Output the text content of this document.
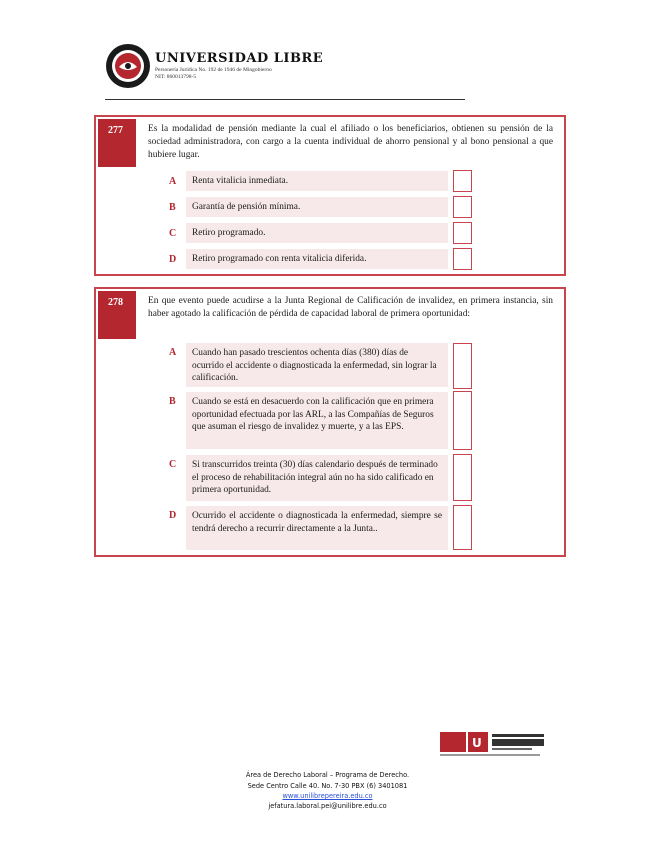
UNIVERSIDAD LIBRE
Personería Jurídica No. 192 de 1946 de Mingobierno
NIT: 860013798-5
277	Es la modalidad de pensión mediante la cual el afiliado o los beneficiarios, obtienen su pensión de la sociedad administradora, con cargo a la cuenta individual de ahorro pensional y al bono pensional a que hubiere lugar.
A	Renta vitalicia inmediata.
B	Garantía de pensión mínima.
C	Retiro programado.
D	Retiro programado con renta vitalicia diferida.
278	En que evento puede acudirse a la Junta Regional de Calificación de invalidez, en primera instancia, sin haber agotado la calificación de pérdida de capacidad laboral de primera oportunidad:
A	Cuando han pasado trescientos ochenta días (380) días de ocurrido el accidente o diagnosticada la enfermedad, sin lograr la calificación.
B	Cuando se está en desacuerdo con la calificación que en primera oportunidad efectuada por las ARL, a las Compañías de Seguros que asuman el riesgo de invalidez y muerte, y a las EPS.
C	Si transcurridos treinta (30) días calendario después de terminado el proceso de rehabilitación integral aún no ha sido calificado en primera oportunidad.
D	Ocurrido el accidente o diagnosticada la enfermedad, siempre se tendrá derecho a recurrir directamente a la Junta..
U
Área de Derecho Laboral – Programa de Derecho.
Sede Centro Calle 40. No. 7-30 PBX (6) 3401081
www.unilibrepereira.edu.co
jefatura.laboral.pei@unilibre.edu.co
